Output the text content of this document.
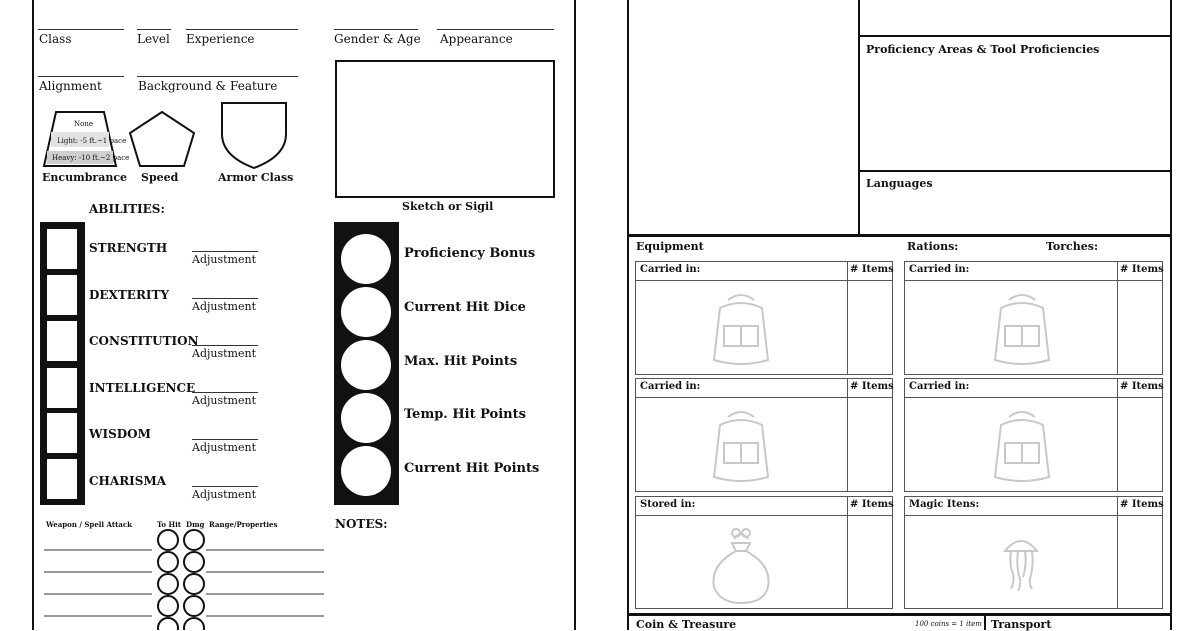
Class	Level Experience	Gender & Age Appearance
Alignment	Background & Feature
Sketch or Sigil
None
Light: -5 ft.~1 pace
Heavy: -10 ft.~2 pace
Encumbrance Speed	Armor Class
ABILITIES:
STRENGTH
DEXTERITY
CONSTITUTION
INTELLIGENCE
WISDOM
CHARISMA
Adjustment
Adjustment
Adjustment
Adjustment
Adjustment
Adjustment
Proficiency Bonus
Current Hit Dice
Max. Hit Points
Temp. Hit Points
Current Hit Points
NOTES:
Weapon / Spell Attack	To Hit Dmg Range/Properties
Proficiency Areas & Tool Proficiencies
Languages
Equipment	Rations:	Torches:
Carried in:	# Items Carried in:	# Items
Carried in:	# Items Carried in:	# Items
Stored in:	# Items Magic Itens:	# Items
Coin & Treasure	100 coins = 1 item Transport
